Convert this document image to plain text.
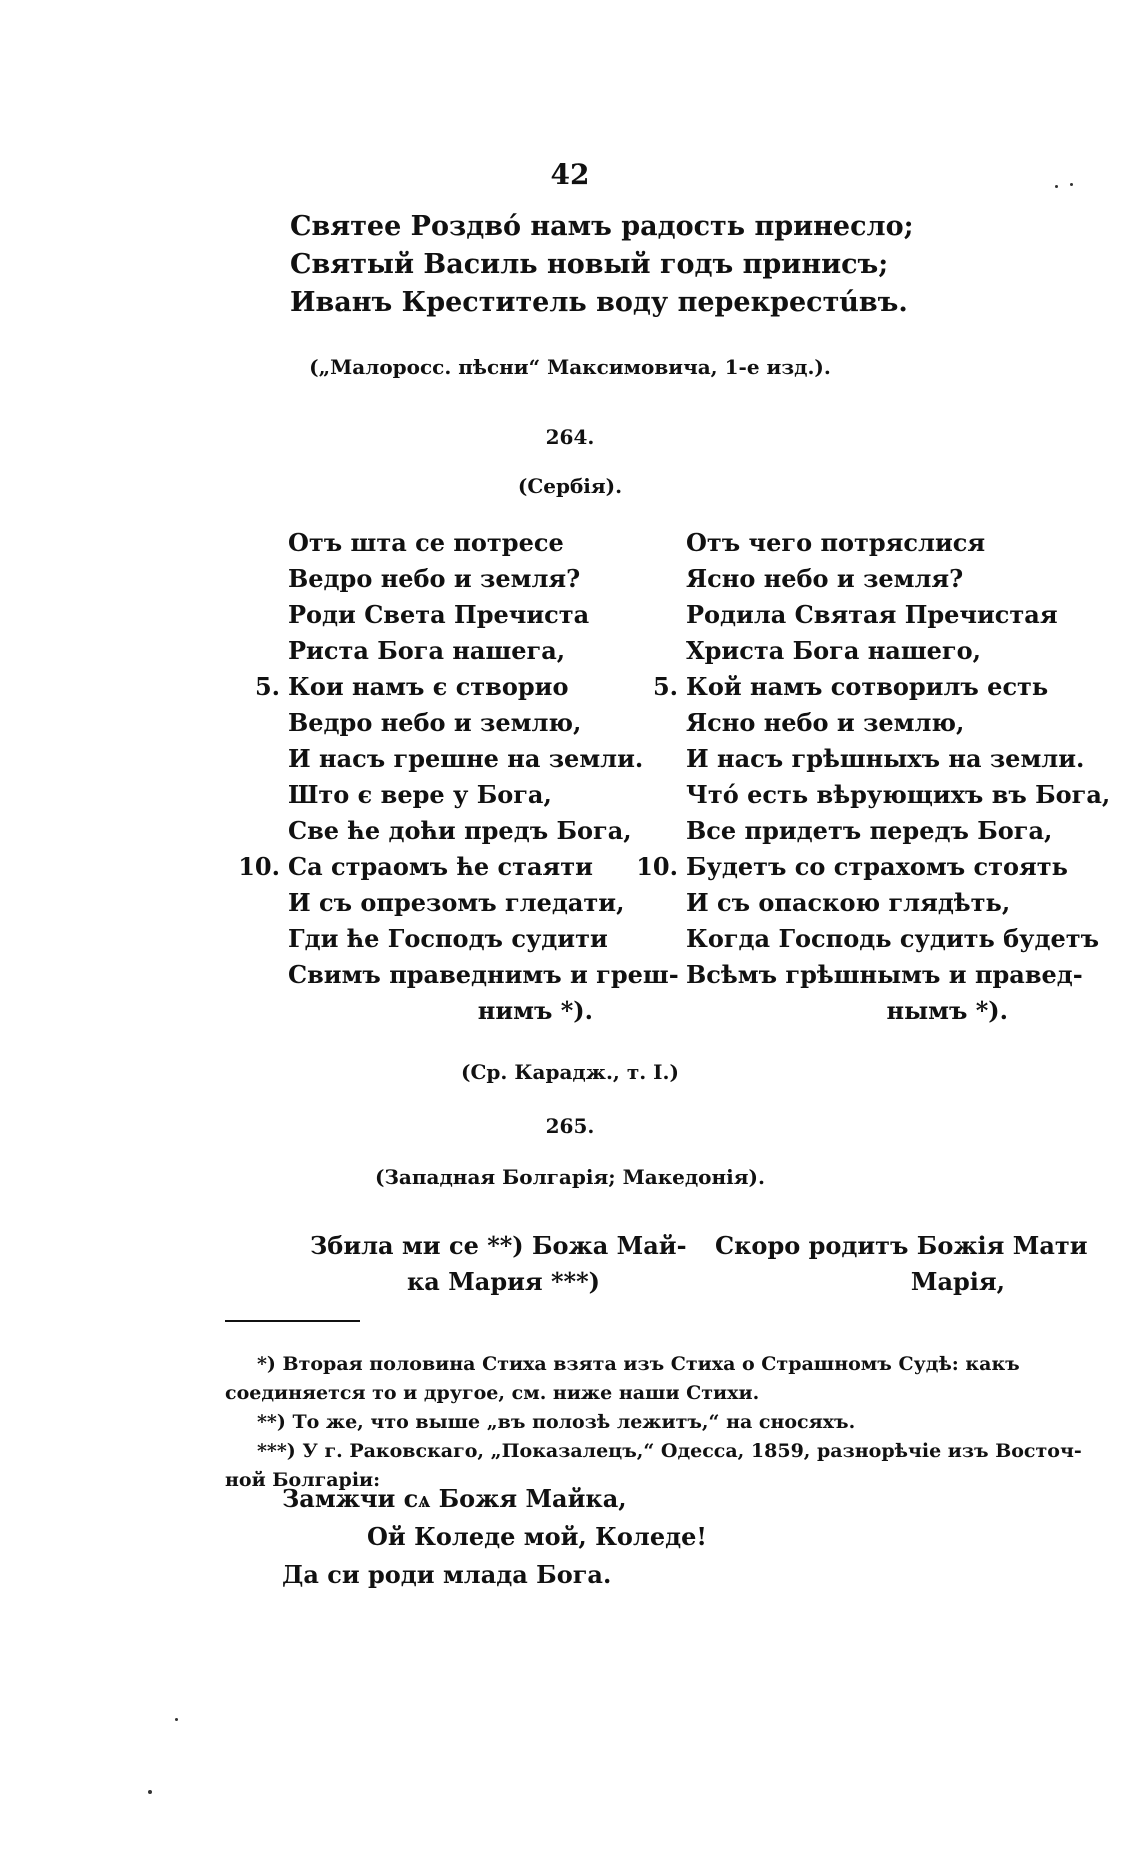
42
Святее Роздвó намъ радость принесло;
Святый Василь новый годъ принисъ;
Иванъ Креститель воду перекрестúвъ.
(„Малоросс. пѣсни“ Максимовича, 1-е изд.).
264.
(Сербія).
Отъ шта се потресе
Ведро небо и земля?
Роди Света Пречиста
Риста Бога нашега,
5. Кои намъ є створио
Ведро небо и землю,
И насъ грешне на земли.
Што є вере у Бога,
Све ће доћи предъ Бога,
10. Са страомъ ће стаяти
И съ опрезомъ гледати,
Гди ће Господъ судити
Свимъ праведнимъ и греш-
нимъ *).
Отъ чего потряслися
Ясно небо и земля?
Родила Святая Пречистая
Христа Бога нашего,
5. Кой намъ сотворилъ есть
Ясно небо и землю,
И насъ грѣшныхъ на земли.
Чтó есть вѣрующихъ въ Бога,
Все придетъ передъ Бога,
10. Будетъ со страхомъ стоять
И съ опаскою глядѣть,
Когда Господь судить будетъ
Всѣмъ грѣшнымъ и правед-
нымъ *).
(Ср. Карадж., т. I.)
265.
(Западная Болгарія; Македонія).
Збила ми се **) Божа Май-
ка Мария ***)
Скоро родитъ Божія Мати
Марія,
*) Вторая половина Стиха взята изъ Стиха о Страшномъ Судѣ: какъ
соединяется то и другое, см. ниже наши Стихи.
**) То же, что выше „въ полозѣ лежитъ,“ на сносяхъ.
***) У г. Раковскаго, „Показалецъ,“ Одесса, 1859, разнорѣчіе изъ Восточ-
ной Болгаріи:
Замжчи сѧ Божя Майка,
Ой Коледе мой, Коледе!
Да си роди млада Бога.
